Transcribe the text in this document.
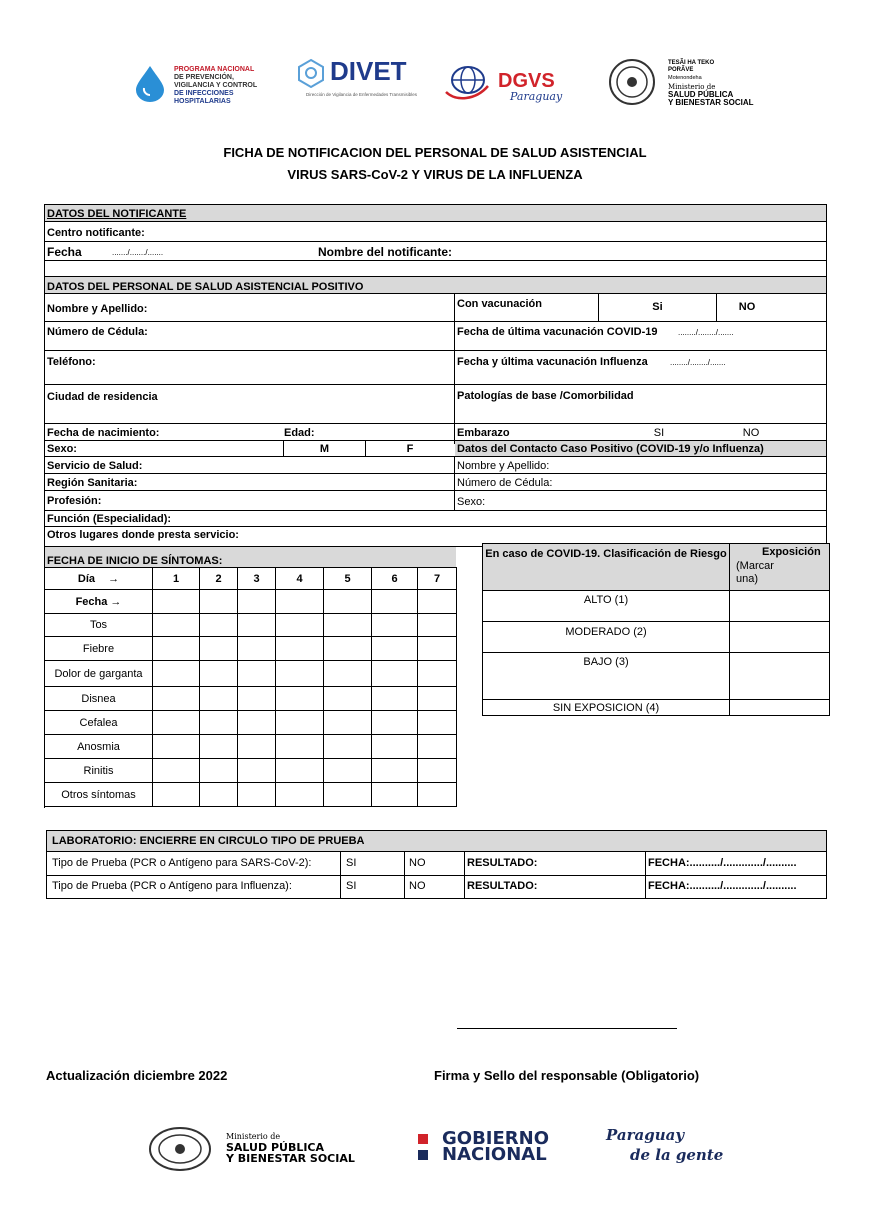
PROGRAMA NACIONAL
DE PREVENCIÓN,
VIGILANCIA Y CONTROL
DE INFECCIONES HOSPITALARIAS
DIVET
Dirección de Vigilancia de Enfermedades Transmisibles
DGVS
Paraguay
TESÃI HA TEKO PORÃVE
Motenondeha
Ministerio de
SALUD PÚBLICA
Y BIENESTAR SOCIAL
FICHA DE NOTIFICACION DEL PERSONAL DE SALUD ASISTENCIAL
VIRUS SARS-CoV-2 Y VIRUS DE LA INFLUENZA
DATOS DEL NOTIFICANTE
Centro notificante:
Fecha	......./......./.......	Nombre del notificante:
DATOS DEL PERSONAL DE SALUD ASISTENCIAL POSITIVO
Nombre y Apellido:	Con vacunación	Si	NO
Número de Cédula:	Fecha de última vacunación COVID-19	......../......../.......
Teléfono:	Fecha y última vacunación Influenza	......../......../.......
Ciudad de residencia	Patologías de base /Comorbilidad
Fecha de nacimiento:	Edad:	Embarazo	SI	NO
Sexo:	M	F	Datos del Contacto Caso Positivo (COVID-19 y/o Influenza)
Servicio de Salud:	Nombre y Apellido:
Región Sanitaria:	Número de Cédula:
Profesión:	Sexo:
Función (Especialidad):
Otros lugares donde presta servicio:
FECHA DE INICIO DE SÍNTOMAS:
Día →	1	2	3	4	5	6	7
Fecha →							
Tos							
Fiebre							
Dolor de garganta							
Disnea							
Cefalea							
Anosmia							
Rinitis							
Otros síntomas							
En caso de COVID-19. Clasificación de Riesgo	Exposición
(Marcar una)
ALTO (1)
MODERADO (2)
BAJO (3)
SIN EXPOSICION (4)
LABORATORIO: ENCIERRE EN CIRCULO TIPO DE PRUEBA
Tipo de Prueba (PCR o Antígeno para SARS-CoV-2):	SI	NO	RESULTADO:	FECHA:........../............./..........
Tipo de Prueba (PCR o Antígeno para Influenza):	SI	NO	RESULTADO:	FECHA:........../............./..........
Actualización diciembre 2022	Firma y Sello del responsable (Obligatorio)
Ministerio de
SALUD PÚBLICA
Y BIENESTAR SOCIAL
GOBIERNO
NACIONAL
Paraguay
de la gente
